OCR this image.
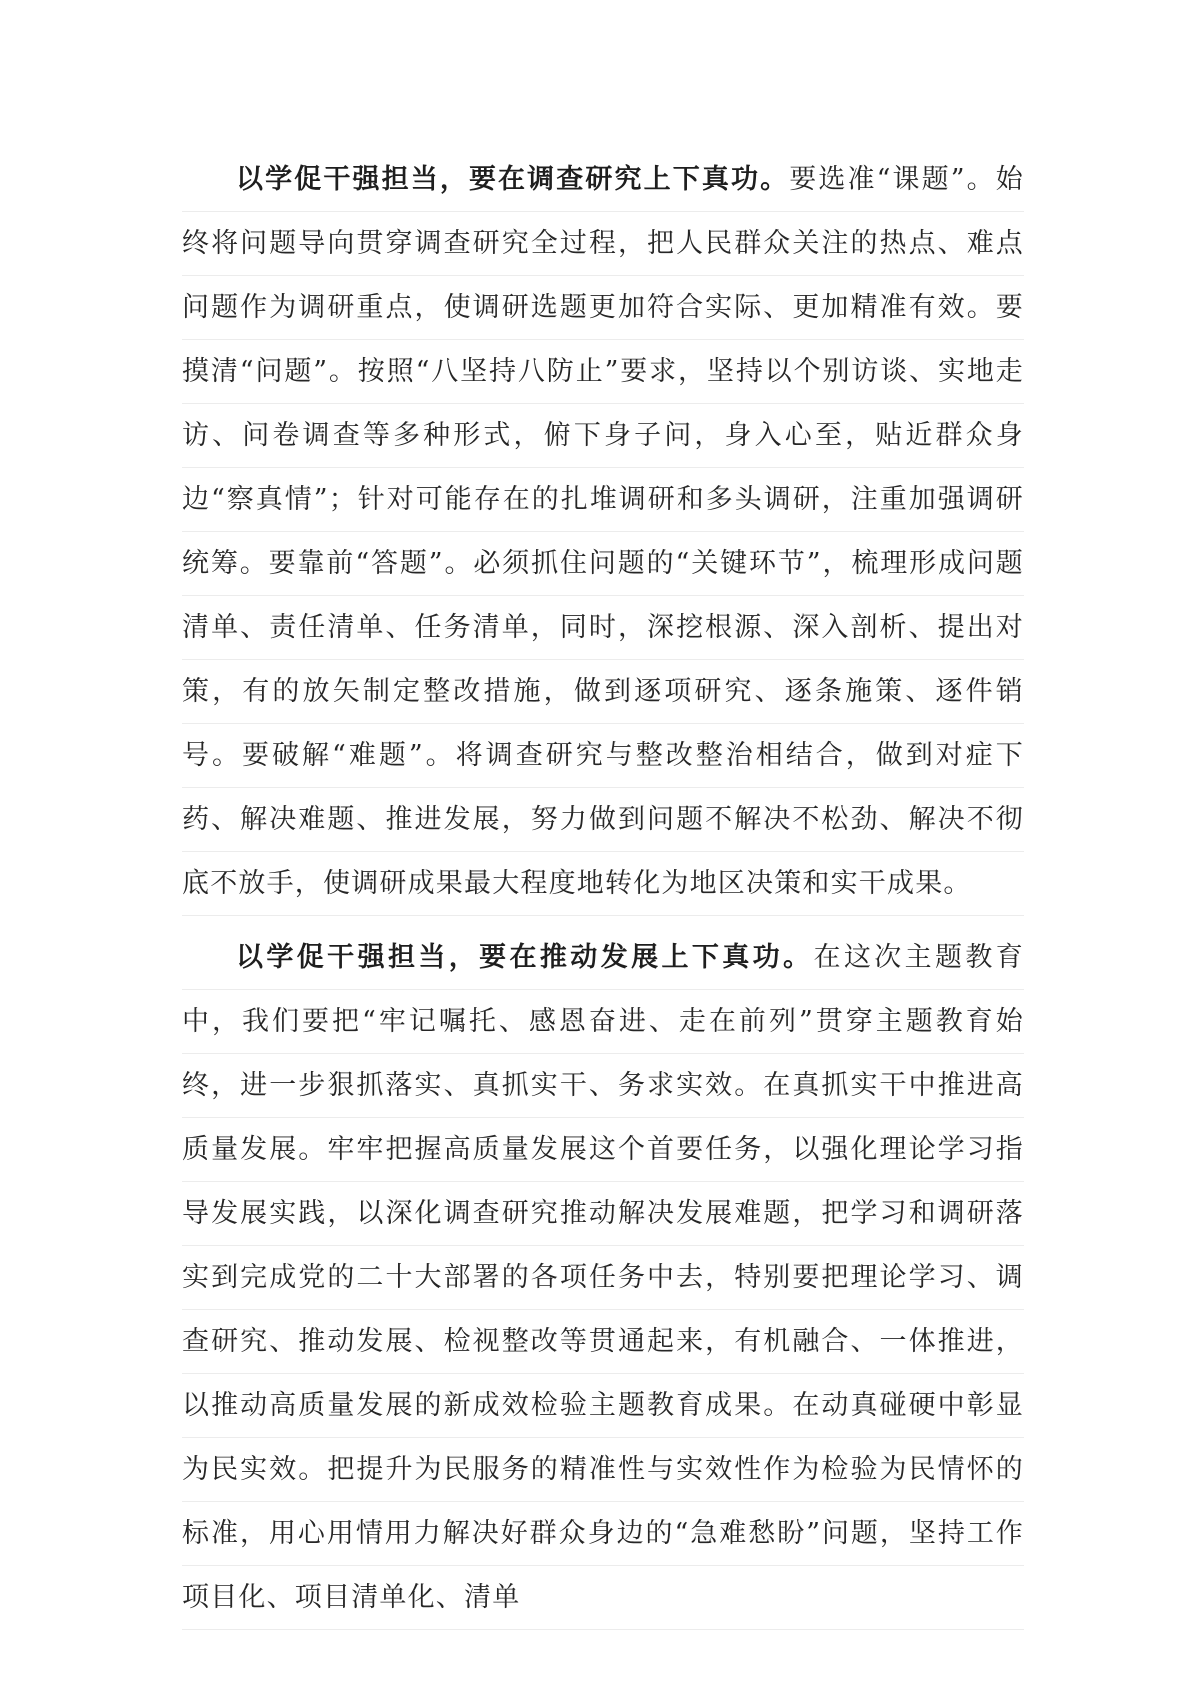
以学促干强担当，要在调查研究上下真功。要选准“课题”。始终将问题导向贯穿调查研究全过程，把人民群众关注的热点、难点问题作为调研重点，使调研选题更加符合实际、更加精准有效。要摸清“问题”。按照“八坚持八防止”要求，坚持以个别访谈、实地走访、问卷调查等多种形式，俯下身子问，身入心至，贴近群众身边“察真情”；针对可能存在的扎堆调研和多头调研，注重加强调研统筹。要靠前“答题”。必须抓住问题的“关键环节”，梳理形成问题清单、责任清单、任务清单，同时，深挖根源、深入剖析、提出对策，有的放矢制定整改措施，做到逐项研究、逐条施策、逐件销号。要破解“难题”。将调查研究与整改整治相结合，做到对症下药、解决难题、推进发展，努力做到问题不解决不松劲、解决不彻底不放手，使调研成果最大程度地转化为地区决策和实干成果。

以学促干强担当，要在推动发展上下真功。在这次主题教育中，我们要把“牢记嘱托、感恩奋进、走在前列”贯穿主题教育始终，进一步狠抓落实、真抓实干、务求实效。在真抓实干中推进高质量发展。牢牢把握高质量发展这个首要任务，以强化理论学习指导发展实践，以深化调查研究推动解决发展难题，把学习和调研落实到完成党的二十大部署的各项任务中去，特别要把理论学习、调查研究、推动发展、检视整改等贯通起来，有机融合、一体推进，以推动高质量发展的新成效检验主题教育成果。在动真碰硬中彰显为民实效。把提升为民服务的精准性与实效性作为检验为民情怀的标准，用心用情用力解决好群众身边的“急难愁盼”问题，坚持工作项目化、项目清单化、清单
